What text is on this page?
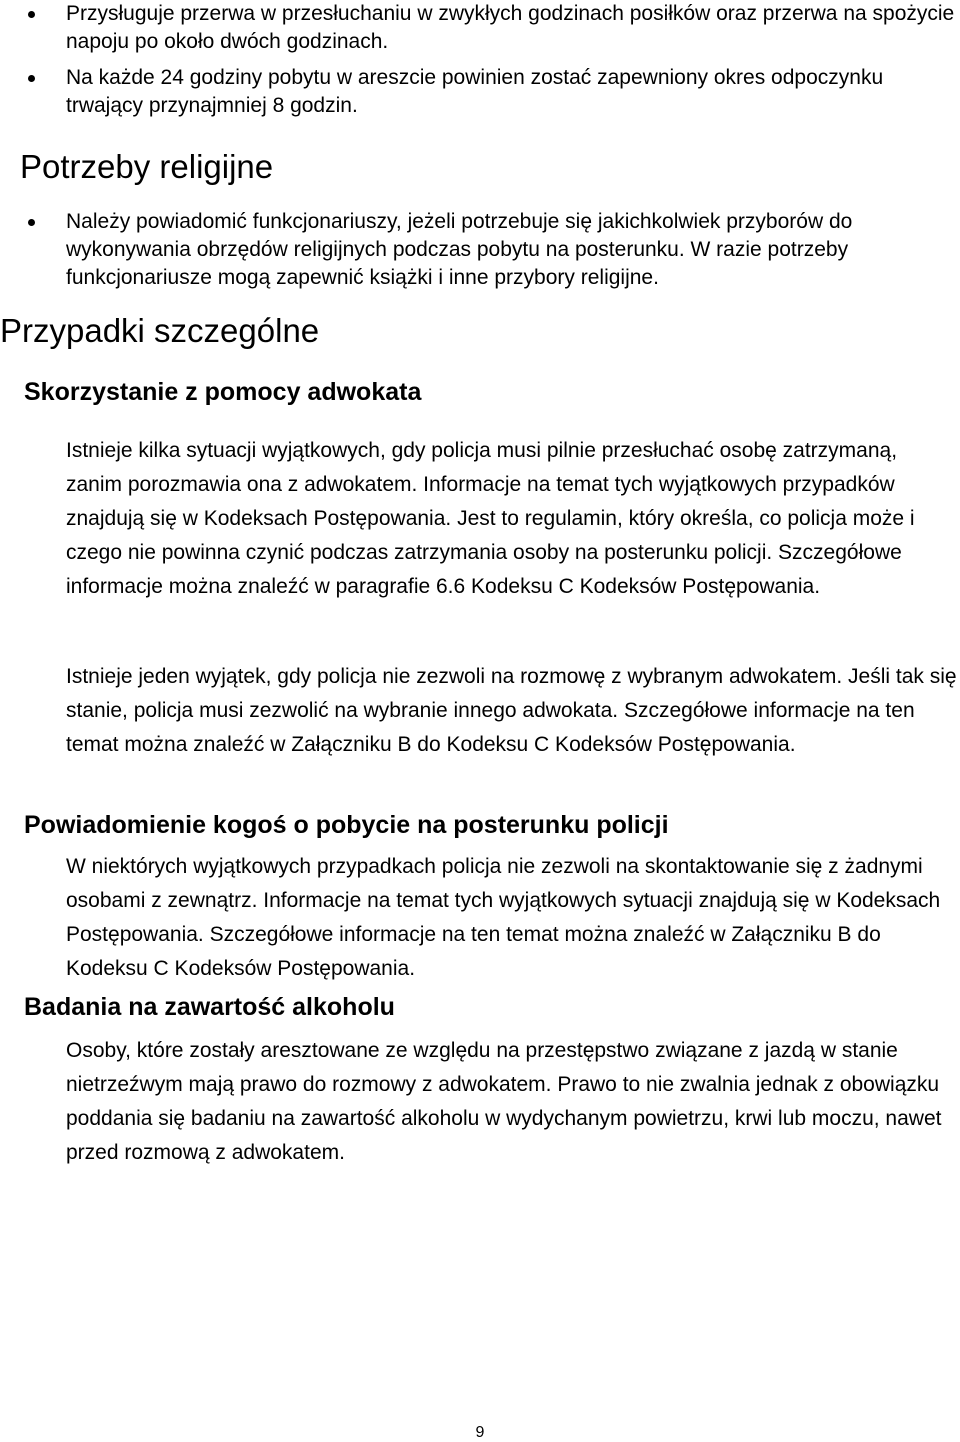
Przysługuje przerwa w przesłuchaniu w zwykłych godzinach posiłków oraz przerwa na spożycie napoju po około dwóch godzinach.
Na każde 24 godziny pobytu w areszcie powinien zostać zapewniony okres odpoczynku trwający przynajmniej 8 godzin.
Potrzeby religijne
Należy powiadomić funkcjonariuszy, jeżeli potrzebuje się jakichkolwiek przyborów do wykonywania obrzędów religijnych podczas pobytu na posterunku. W razie potrzeby funkcjonariusze mogą zapewnić książki i inne przybory religijne.
Przypadki szczególne
Skorzystanie z pomocy adwokata

Istnieje kilka sytuacji wyjątkowych, gdy policja musi pilnie przesłuchać osobę zatrzymaną, zanim porozmawia ona z adwokatem. Informacje na temat tych wyjątkowych przypadków znajdują się w Kodeksach Postępowania. Jest to regulamin, który określa, co policja może i czego nie powinna czynić podczas zatrzymania osoby na posterunku policji. Szczegółowe informacje można znaleźć w paragrafie 6.6 Kodeksu C Kodeksów Postępowania.

Istnieje jeden wyjątek, gdy policja nie zezwoli na rozmowę z wybranym adwokatem. Jeśli tak się stanie, policja musi zezwolić na wybranie innego adwokata. Szczegółowe informacje na ten temat można znaleźć w Załączniku B do Kodeksu C Kodeksów Postępowania.

Powiadomienie kogoś o pobycie na posterunku policji

W niektórych wyjątkowych przypadkach policja nie zezwoli na skontaktowanie się z żadnymi osobami z zewnątrz. Informacje na temat tych wyjątkowych sytuacji znajdują się w Kodeksach Postępowania. Szczegółowe informacje na ten temat można znaleźć w Załączniku B do Kodeksu C Kodeksów Postępowania.

Badania na zawartość alkoholu

Osoby, które zostały aresztowane ze względu na przestępstwo związane z jazdą w stanie nietrzeźwym mają prawo do rozmowy z adwokatem. Prawo to nie zwalnia jednak z obowiązku poddania się badaniu na zawartość alkoholu w wydychanym powietrzu, krwi lub moczu, nawet przed rozmową z adwokatem.

9
